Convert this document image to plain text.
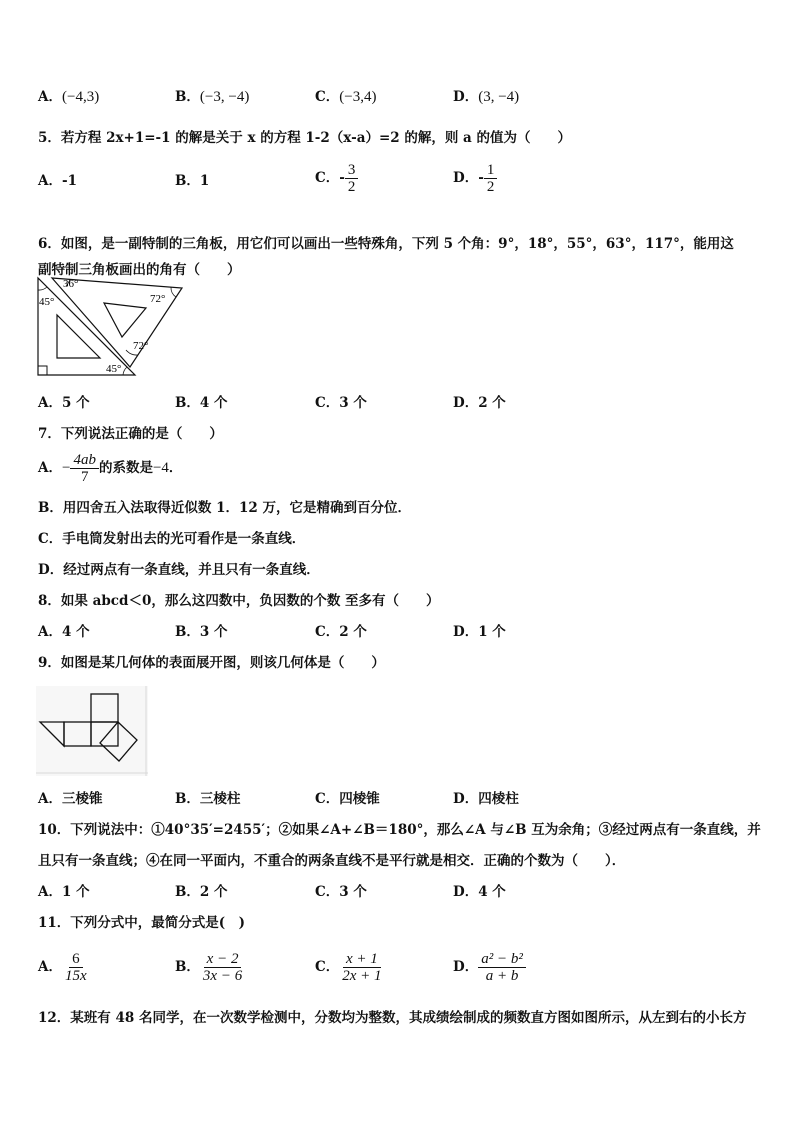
A．(−4,3)	B．(−3, −4)	C．(−3,4)	D．(3, −4)
5．若方程 2x+1=-1 的解是关于 x 的方程 1-2（x-a）=2 的解，则 a 的值为（　　）
A．-1	B．1	C． - $\frac{3}{2}$	D． - $\frac{1}{2}$
6．如图，是一副特制的三角板，用它们可以画出一些特殊角，下列 5 个角：9°，18°，55°，63°，117°，能用这
副特制三角板画出的角有（　　）
36°
45°	72°
72°
45°
A．5 个	B．4 个	C．3 个	D．2 个
7．下列说法正确的是（　　）
A． − $\frac{4ab}{7}$ 的系数是 −4 ．
B．用四舍五入法取得近似数 1．12 万，它是精确到百分位．
C．手电筒发射出去的光可看作是一条直线．
D．经过两点有一条直线，并且只有一条直线．
8．如果 abcd＜0，那么这四数中，负因数的个数 至多有（　　）
A．4 个	B．3 个	C．2 个	D．1 个
9．如图是某几何体的表面展开图，则该几何体是（　　）
A．三棱锥	B．三棱柱	C．四棱锥	D．四棱柱
10．下列说法中：①40°35′=2455′；②如果∠A+∠B＝180°，那么∠A 与∠B 互为余角；③经过两点有一条直线，并
且只有一条直线；④在同一平面内，不重合的两条直线不是平行就是相交．正确的个数为（　　）．
A．1 个	B．2 个	C．3 个	D．4 个
11．下列分式中，最简分式是(　)
A． $\frac{6}{15x}$	B． $\frac{x - 2}{3x - 6}$	C． $\frac{x + 1}{2x + 1}$	D． $\frac{\text{a² − b²}}{a + b}$
12．某班有 48 名同学，在一次数学检测中，分数均为整数，其成绩绘制成的频数直方图如图所示，从左到右的小长方
